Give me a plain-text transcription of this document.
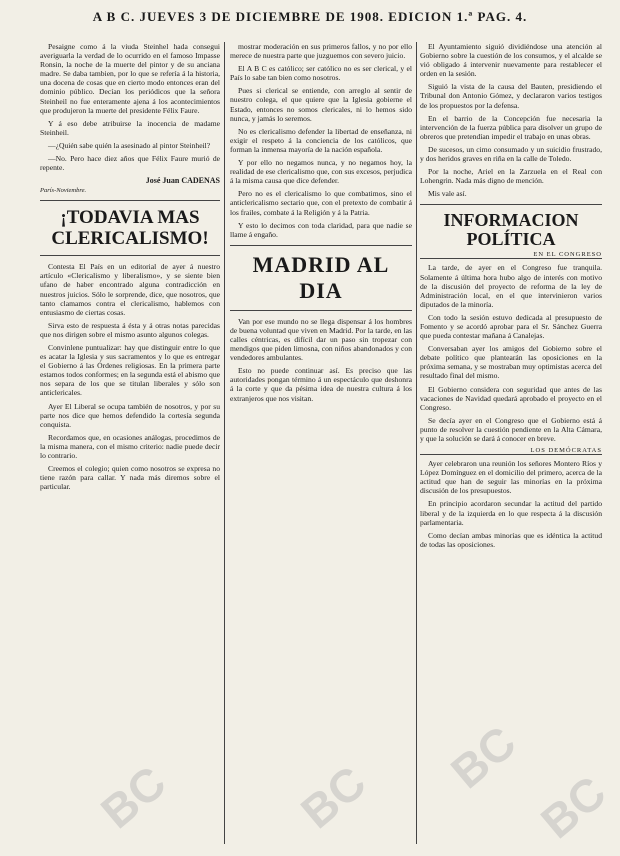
A B C. JUEVES 3 DE DICIEMBRE DE 1908. EDICION 1.ª PAG. 4.

Pesaigne como á la viuda Steinhel hada consegui averiguarla la verdad de lo ocurrido en el famoso Impasse Ronsin, la noche de la muerte del pintor y de su anciana madre. Se daba tambien, por lo que se refería á la historia, una docena de cosas que en cierto modo entonces eran del dominio público. Decían los periódicos que la señora Steinheil no fue enteramente ajena á los acontecimientos que produjeron la muerte del presidente Félix Faure.

Y á eso debe atribuirse la inocencia de madame Steinheil.

—¿Quién sabe quién la asesinado al pintor Steinheil?

—No. Pero hace diez años que Félix Faure murió de repente.

José Juan CADENAS
París-Noviembre.
¡TODAVIA MAS CLERICALISMO!

Contesta El País en un editorial de ayer á nuestro artículo «Clericalismo y liberalismo», y se siente bien ufano de haber encontrado alguna contradicción en nuestros juicios. Sólo le sorprende, dice, que nosotros, que tanto clamamos contra el clericalismo, hablemos con entusiasmo de ciertas cosas.

Sirva esto de respuesta á ésta y á otras notas parecidas que nos dirigen sobre el mismo asunto algunos colegas.

Convinlene puntualizar: hay que distinguir entre lo que es acatar la Iglesia y sus sacramentos y lo que es entregar el Gobierno á las Órdenes religiosas. En la primera parte estamos todos conformes; en la segunda está el abismo que nos separa de los que se titulan liberales y sólo son anticlericales.

Ayer El Liberal se ocupa también de nosotros, y por su parte nos dice que hemos defendido la cortesía segunda conquista.

Recordamos que, en ocasiones análogas, procedimos de la misma manera, con el mismo criterio: nadie puede decir lo contrario.

Creemos el colegio; quien como nosotros se expresa no tiene razón para callar. Y nada más diremos sobre el particular.

mostrar moderación en sus primeros fallos, y no por ello merece de nuestra parte que juzguemos con severo juicio.

El A B C es católico; ser católico no es ser clerical, y el País lo sabe tan bien como nosotros.

Pues si clerical se entiende, con arreglo al sentir de nuestro colega, el que quiere que la Iglesia gobierne el Estado, entonces no somos clericales, ni lo hemos sido nunca, y jamás lo seremos.

No es clericalismo defender la libertad de enseñanza, ni exigir el respeto á la conciencia de los católicos, que forman la inmensa mayoría de la nación española.

Y por ello no negamos nunca, y no negamos hoy, la realidad de ese clericalismo que, con sus excesos, perjudica á la misma causa que dice defender.

Pero no es el clericalismo lo que combatimos, sino el anticlericalismo sectario que, con el pretexto de combatir á los frailes, combate á la Religión y á la Patria.

Y esto lo decimos con toda claridad, para que nadie se llame á engaño.

MADRID AL DIA

Van por ese mundo no se llega dispensar á los hombres de buena voluntad que viven en Madrid. Por la tarde, en las calles céntricas, es difícil dar un paso sin tropezar con mendigos que piden limosna, con niños abandonados y con vendedores ambulantes.

Esto no puede continuar así. Es preciso que las autoridades pongan término á un espectáculo que deshonra á la corte y que da pésima idea de nuestra cultura á los extranjeros que nos visitan.

El Ayuntamiento siguió dividiéndose una atención al Gobierno sobre la cuestión de los consumos, y el alcalde se vió obligado á intervenir nuevamente para restablecer el orden en la sesión.

Siguió la vista de la causa del Bauten, presidiendo el Tribunal don Antonio Gómez, y declararon varios testigos de los propuestos por la defensa.

En el barrio de la Concepción fue necesaria la intervención de la fuerza pública para disolver un grupo de obreros que pretendían impedir el trabajo en unas obras.

De sucesos, un cimo consumado y un suicidio frustrado, y dos heridos graves en riña en la calle de Toledo.

Por la noche, Ariel en la Zarzuela en el Real con Lohengrin. Nada más digno de mención.

Mis vale así.

INFORMACION POLÍTICA
EN EL CONGRESO

La tarde, de ayer en el Congreso fue tranquila. Solamente á última hora hubo algo de interés con motivo de la discusión del proyecto de reforma de la ley de Administración local, en el que intervinieron varios diputados de la minoría.

Con todo la sesión estuvo dedicada al presupuesto de Fomento y se acordó aprobar para el Sr. Sánchez Guerra que pueda contestar mañana á Canalejas.

Conversaban ayer los amigos del Gobierno sobre el debate político que plantearán las oposiciones en la próxima semana, y se mostraban muy optimistas acerca del resultado final del mismo.

El Gobierno considera con seguridad que antes de las vacaciones de Navidad quedará aprobado el proyecto en el Congreso.

Se decía ayer en el Congreso que el Gobierno está á punto de resolver la cuestión pendiente en la Alta Cámara, y que la solución se dará á conocer en breve.

LOS DEMÓCRATAS

Ayer celebraron una reunión los señores Montero Ríos y López Domínguez en el domicilio del primero, acerca de la actitud que han de seguir las minorías en la próxima discusión de los presupuestos.

En principio acordaron secundar la actitud del partido liberal y de la izquierda en lo que respecta á la discusión parlamentaria.

Como decían ambas minorías que es idéntica la actitud de todas las oposiciones.

BC	BC BC
BC
